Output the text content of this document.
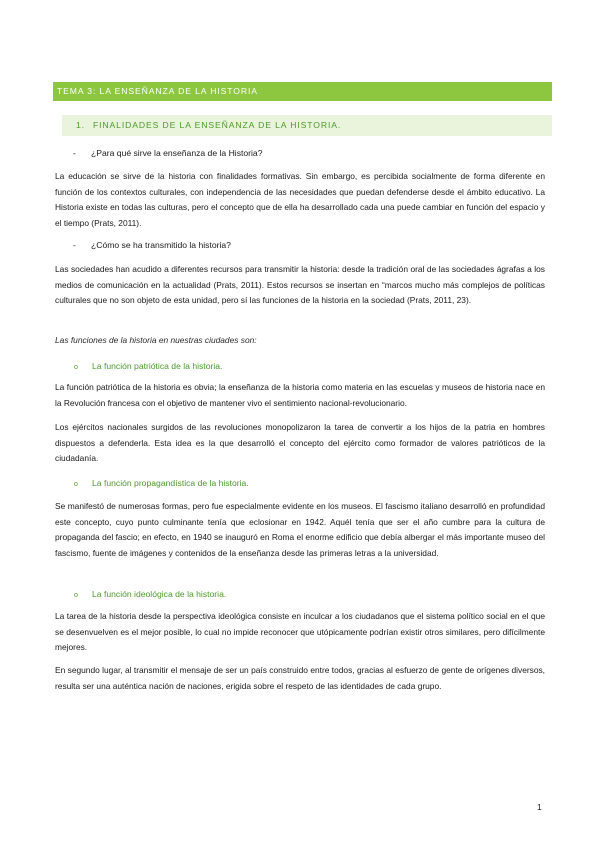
TEMA 3: LA ENSEÑANZA DE LA HISTORIA
1. FINALIDADES DE LA ENSEÑANZA DE LA HISTORIA.
- ¿Para qué sirve la enseñanza de la Historia?

La educación se sirve de la historia con finalidades formativas. Sin embargo, es percibida socialmente de forma diferente en función de los contextos culturales, con independencia de las necesidades que puedan defenderse desde el ámbito educativo. La Historia existe en todas las culturas, pero el concepto que de ella ha desarrollado cada una puede cambiar en función del espacio y el tiempo (Prats, 2011).

- ¿Cómo se ha transmitido la historia?

Las sociedades han acudido a diferentes recursos para transmitir la historia: desde la tradición oral de las sociedades ágrafas a los medios de comunicación en la actualidad (Prats, 2011). Estos recursos se insertan en “marcos mucho más complejos de políticas culturales que no son objeto de esta unidad, pero sí las funciones de la historia en la sociedad (Prats, 2011, 23).

Las funciones de la historia en nuestras ciudades son:
o La función patriótica de la historia.

La función patriótica de la historia es obvia; la enseñanza de la historia como materia en las escuelas y museos de historia nace en la Revolución francesa con el objetivo de mantener vivo el sentimiento nacional-revolucionario.

Los ejércitos nacionales surgidos de las revoluciones monopolizaron la tarea de convertir a los hijos de la patria en hombres dispuestos a defenderla. Esta idea es la que desarrolló el concepto del ejército como formador de valores patrióticos de la ciudadanía.

o La función propagandística de la historia.

Se manifestó de numerosas formas, pero fue especialmente evidente en los museos. El fascismo italiano desarrolló en profundidad este concepto, cuyo punto culminante tenía que eclosionar en 1942. Aquél tenía que ser el año cumbre para la cultura de propaganda del fascio; en efecto, en 1940 se inauguró en Roma el enorme edificio que debía albergar el más importante museo del fascismo, fuente de imágenes y contenidos de la enseñanza desde las primeras letras a la universidad.

o La función ideológica de la historia.

La tarea de la historia desde la perspectiva ideológica consiste en inculcar a los ciudadanos que el sistema político social en el que se desenvuelven es el mejor posible, lo cual no impide reconocer que utópicamente podrían existir otros similares, pero difícilmente mejores.

En segundo lugar, al transmitir el mensaje de ser un país construido entre todos, gracias al esfuerzo de gente de orígenes diversos, resulta ser una auténtica nación de naciones, erigida sobre el respeto de las identidades de cada grupo.

1
